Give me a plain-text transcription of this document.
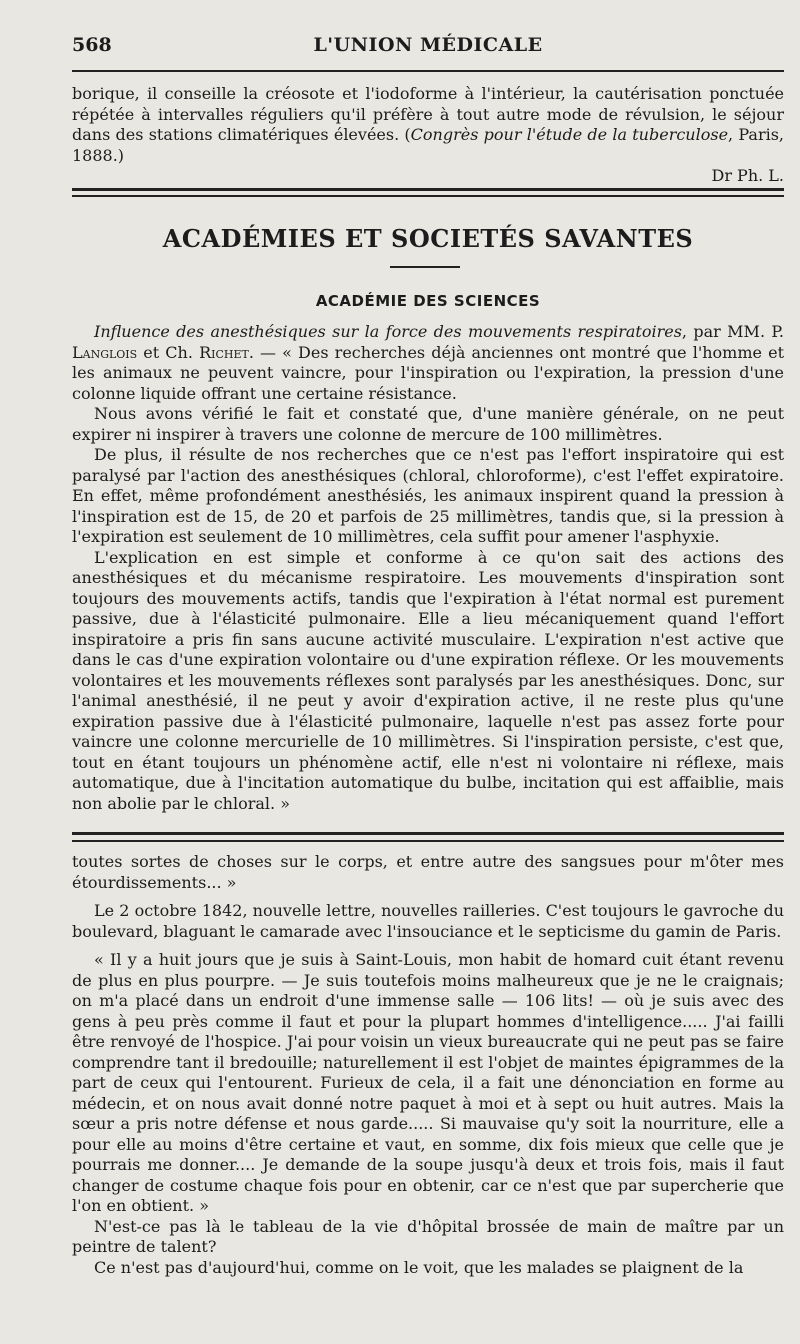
568	L'UNION MÉDICALE

borique, il conseille la créosote et l'iodoforme à l'intérieur, la cautérisation ponctuée répétée à intervalles réguliers qu'il préfère à tout autre mode de révulsion, le séjour dans des stations climatériques élevées. (Congrès pour l'étude de la tuberculose, Paris, 1888.)

Dr Ph. L.

ACADÉMIES ET SOCIETÉS SAVANTES
ACADÉMIE DES SCIENCES

Influence des anesthésiques sur la force des mouvements respiratoires, par MM. P. Langlois et Ch. Richet. — « Des recherches déjà anciennes ont montré que l'homme et les animaux ne peuvent vaincre, pour l'inspiration ou l'expiration, la pression d'une colonne liquide offrant une certaine résistance.

Nous avons vérifié le fait et constaté que, d'une manière générale, on ne peut expirer ni inspirer à travers une colonne de mercure de 100 millimètres.

De plus, il résulte de nos recherches que ce n'est pas l'effort inspiratoire qui est paralysé par l'action des anesthésiques (chloral, chloroforme), c'est l'effet expiratoire. En effet, même profondément anesthésiés, les animaux inspirent quand la pression à l'inspiration est de 15, de 20 et parfois de 25 millimètres, tandis que, si la pression à l'expiration est seulement de 10 millimètres, cela suffit pour amener l'asphyxie.

L'explication en est simple et conforme à ce qu'on sait des actions des anesthésiques et du mécanisme respiratoire. Les mouvements d'inspiration sont toujours des mouvements actifs, tandis que l'expiration à l'état normal est purement passive, due à l'élasticité pulmonaire. Elle a lieu mécaniquement quand l'effort inspiratoire a pris fin sans aucune activité musculaire. L'expiration n'est active que dans le cas d'une expiration volontaire ou d'une expiration réflexe. Or les mouvements volontaires et les mouvements réflexes sont paralysés par les anesthésiques. Donc, sur l'animal anesthésié, il ne peut y avoir d'expiration active, il ne reste plus qu'une expiration passive due à l'élasticité pulmonaire, laquelle n'est pas assez forte pour vaincre une colonne mercurielle de 10 millimètres. Si l'inspiration persiste, c'est que, tout en étant toujours un phénomène actif, elle n'est ni volontaire ni réflexe, mais automatique, due à l'incitation automatique du bulbe, incitation qui est affaiblie, mais non abolie par le chloral. »

toutes sortes de choses sur le corps, et entre autre des sangsues pour m'ôter mes étourdissements... »

Le 2 octobre 1842, nouvelle lettre, nouvelles railleries. C'est toujours le gavroche du boulevard, blaguant le camarade avec l'insouciance et le septicisme du gamin de Paris.

« Il y a huit jours que je suis à Saint-Louis, mon habit de homard cuit étant revenu de plus en plus pourpre. — Je suis toutefois moins malheureux que je ne le craignais; on m'a placé dans un endroit d'une immense salle — 106 lits! — où je suis avec des gens à peu près comme il faut et pour la plupart hommes d'intelligence..... J'ai failli être renvoyé de l'hospice. J'ai pour voisin un vieux bureaucrate qui ne peut pas se faire comprendre tant il bredouille; naturellement il est l'objet de maintes épigrammes de la part de ceux qui l'entourent. Furieux de cela, il a fait une dénonciation en forme au médecin, et on nous avait donné notre paquet à moi et à sept ou huit autres. Mais la sœur a pris notre défense et nous garde..... Si mauvaise qu'y soit la nourriture, elle a pour elle au moins d'être certaine et vaut, en somme, dix fois mieux que celle que je pourrais me donner.... Je demande de la soupe jusqu'à deux et trois fois, mais il faut changer de costume chaque fois pour en obtenir, car ce n'est que par supercherie que l'on en obtient. »

N'est-ce pas là le tableau de la vie d'hôpital brossée de main de maître par un peintre de talent?

Ce n'est pas d'aujourd'hui, comme on le voit, que les malades se plaignent de la
